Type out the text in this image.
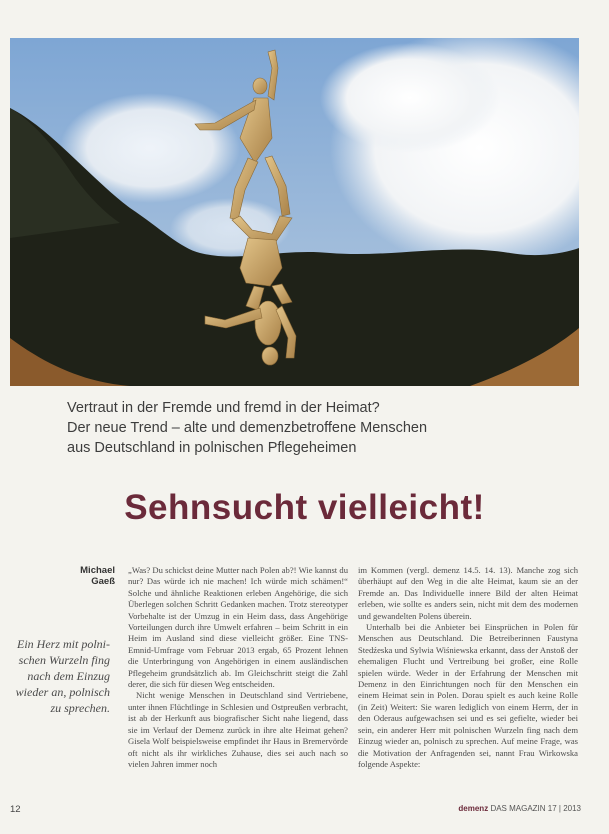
Vertraut in der Fremde und fremd in der Heimat?
Der neue Trend – alte und demenzbetroffene Menschen
aus Deutschland in polnischen Pflegeheimen
Sehnsucht vielleicht!
Michael Gaeß
Ein Herz mit polni-
schen Wurzeln fing
nach dem Einzug
wieder an, polnisch
zu sprechen.

„Was? Du schickst deine Mutter nach Polen ab?! Wie kannst du nur? Das würde ich nie machen! Ich würde mich schämen!“ Solche und ähnliche Reaktionen erleben Angehörige, die sich Überlegen solchen Schritt Gedanken machen. Trotz stereotyper Vorbehalte ist der Umzug in ein Heim dass, dass Angehörige Vorteilungen durch ihre Umwelt erfahren – beim Schritt in ein Heim im Ausland sind diese vielleicht größer. Eine TNS-Emnid-Umfrage vom Februar 2013 ergab, 65 Prozent lehnen die Unterbringung von Angehörigen in einem ausländischen Pflegeheim grundsätzlich ab. Im Gleichschritt steigt die Zahl derer, die sich für diesen Weg entscheiden.

Nicht wenige Menschen in Deutschland sind Vertriebene, unter ihnen Flüchtlinge in Schlesien und Ostpreußen verbracht, ist ab der Herkunft aus biografischer Sicht nahe liegend, dass sie im Verlauf der Demenz zurück in ihre alte Heimat gehen? Gisela Wolf beispielsweise empfindet ihr Haus in Bremervörde oft nicht als ihr wirkliches Zuhause, dies sei auch nach so vielen Jahren immer noch

im Kommen (vergl. demenz 14.5. 14. 13). Manche zog sich überhäupt auf den Weg in die alte Heimat, kaum sie an der Fremde an. Das Individuelle innere Bild der alten Heimat erleben, wie sollte es anders sein, nicht mit dem des modernen und gewandelten Polens überein.

Unterhalb bei die Anbieter bei Einsprüchen in Polen für Menschen aus Deutschland. Die Betreiberinnen Faustyna Stedźeska und Sylwia Wiśniewska erkannt, dass der Anstoß der ehemaligen Flucht und Vertreibung bei großer, eine Rolle spielen würde. Weder in der Erfahrung der Menschen mit Demenz in den Einrichtungen noch für den Menschen ein einem Heimat sein in Polen. Dorau spielt es auch keine Rolle (in Zeit) Weitert: Sie waren lediglich von einem Herrn, der in den Oderaus aufgewachsen sei und es sei gefielte, wieder bei sein, ein anderer Herr mit polnischen Wurzeln fing nach dem Einzug wieder an, polnisch zu sprechen. Auf meine Frage, was die Motivation der Anfragenden sei, nannt Frau Wirkowska folgende Aspekte:

12	demenz DAS MAGAZIN 17 | 2013
